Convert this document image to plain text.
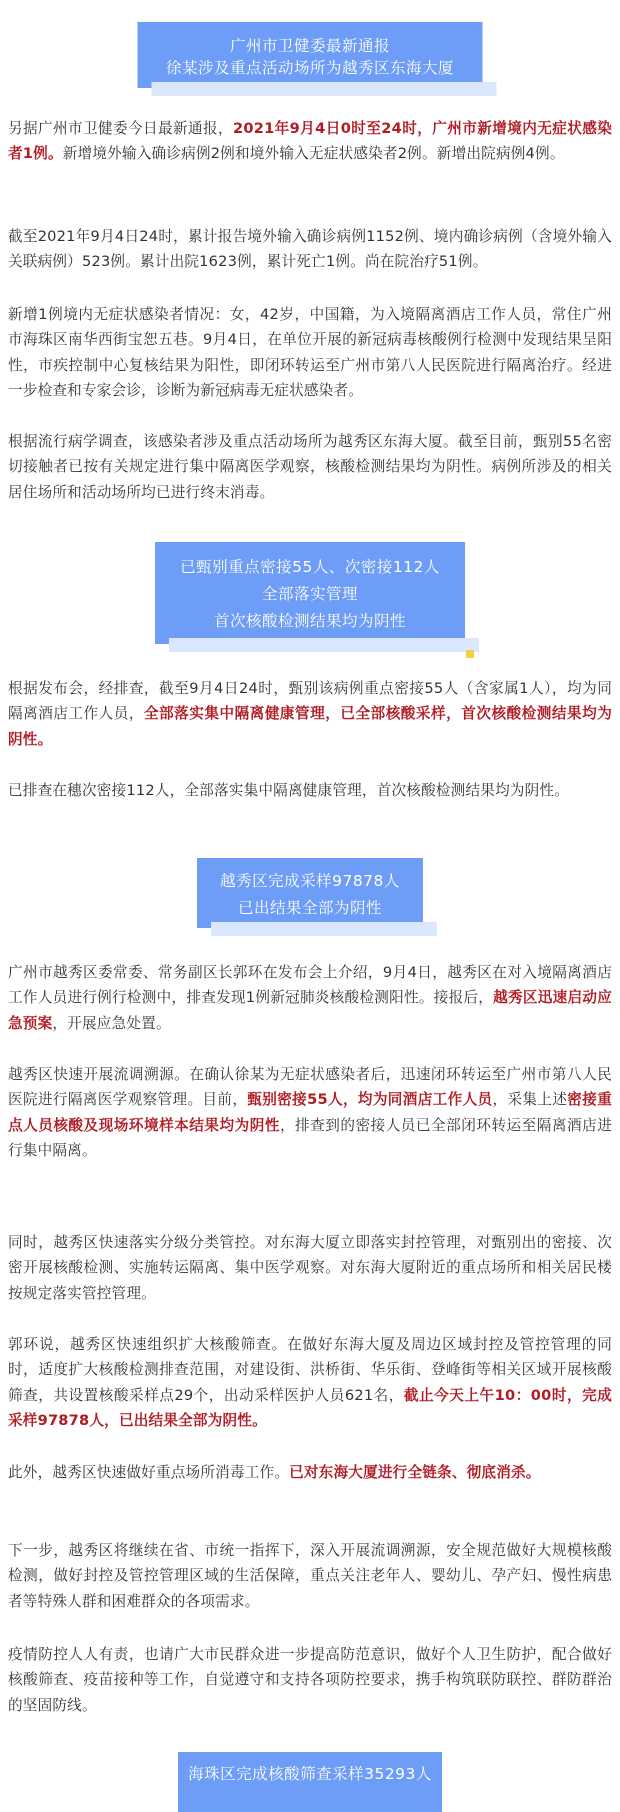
广州市卫健委最新通报
徐某涉及重点活动场所为越秀区东海大厦

另据广州市卫健委今日最新通报，2021年9月4日0时至24时，广州市新增境内无症状感染者1例。新增境外输入确诊病例2例和境外输入无症状感染者2例。新增出院病例4例。

截至2021年9月4日24时，累计报告境外输入确诊病例1152例、境内确诊病例（含境外输入关联病例）523例。累计出院1623例，累计死亡1例。尚在院治疗51例。

新增1例境内无症状感染者情况：女，42岁，中国籍，为入境隔离酒店工作人员，常住广州市海珠区南华西街宝恕五巷。9月4日，在单位开展的新冠病毒核酸例行检测中发现结果呈阳性，市疾控制中心复核结果为阳性，即闭环转运至广州市第八人民医院进行隔离治疗。经进一步检查和专家会诊，诊断为新冠病毒无症状感染者。

根据流行病学调查，该感染者涉及重点活动场所为越秀区东海大厦。截至目前，甄别55名密切接触者已按有关规定进行集中隔离医学观察，核酸检测结果均为阴性。病例所涉及的相关居住场所和活动场所均已进行终末消毒。

已甄别重点密接55人、次密接112人
全部落实管理
首次核酸检测结果均为阴性

根据发布会，经排查，截至9月4日24时，甄别该病例重点密接55人（含家属1人），均为同隔离酒店工作人员，全部落实集中隔离健康管理，已全部核酸采样，首次核酸检测结果均为阴性。

已排查在穗次密接112人，全部落实集中隔离健康管理，首次核酸检测结果均为阴性。

越秀区完成采样97878人
已出结果全部为阴性

广州市越秀区委常委、常务副区长郭环在发布会上介绍，9月4日，越秀区在对入境隔离酒店工作人员进行例行检测中，排查发现1例新冠肺炎核酸检测阳性。接报后，越秀区迅速启动应急预案，开展应急处置。

越秀区快速开展流调溯源。在确认徐某为无症状感染者后，迅速闭环转运至广州市第八人民医院进行隔离医学观察管理。目前，甄别密接55人，均为同酒店工作人员，采集上述密接重点人员核酸及现场环境样本结果均为阴性，排查到的密接人员已全部闭环转运至隔离酒店进行集中隔离。

同时，越秀区快速落实分级分类管控。对东海大厦立即落实封控管理，对甄别出的密接、次密开展核酸检测、实施转运隔离、集中医学观察。对东海大厦附近的重点场所和相关居民楼按规定落实管控管理。

郭环说，越秀区快速组织扩大核酸筛查。在做好东海大厦及周边区域封控及管控管理的同时，适度扩大核酸检测排查范围，对建设街、洪桥街、华乐街、登峰街等相关区域开展核酸筛查，共设置核酸采样点29个，出动采样医护人员621名，截止今天上午10：00时，完成采样97878人，已出结果全部为阴性。

此外，越秀区快速做好重点场所消毒工作。已对东海大厦进行全链条、彻底消杀。

下一步，越秀区将继续在省、市统一指挥下，深入开展流调溯源，安全规范做好大规模核酸检测，做好封控及管控管理区域的生活保障，重点关注老年人、婴幼儿、孕产妇、慢性病患者等特殊人群和困难群众的各项需求。

疫情防控人人有责，也请广大市民群众进一步提高防范意识，做好个人卫生防护，配合做好核酸筛查、疫苗接种等工作，自觉遵守和支持各项防控要求，携手构筑联防联控、群防群治的坚固防线。

海珠区完成核酸筛查采样35293人
